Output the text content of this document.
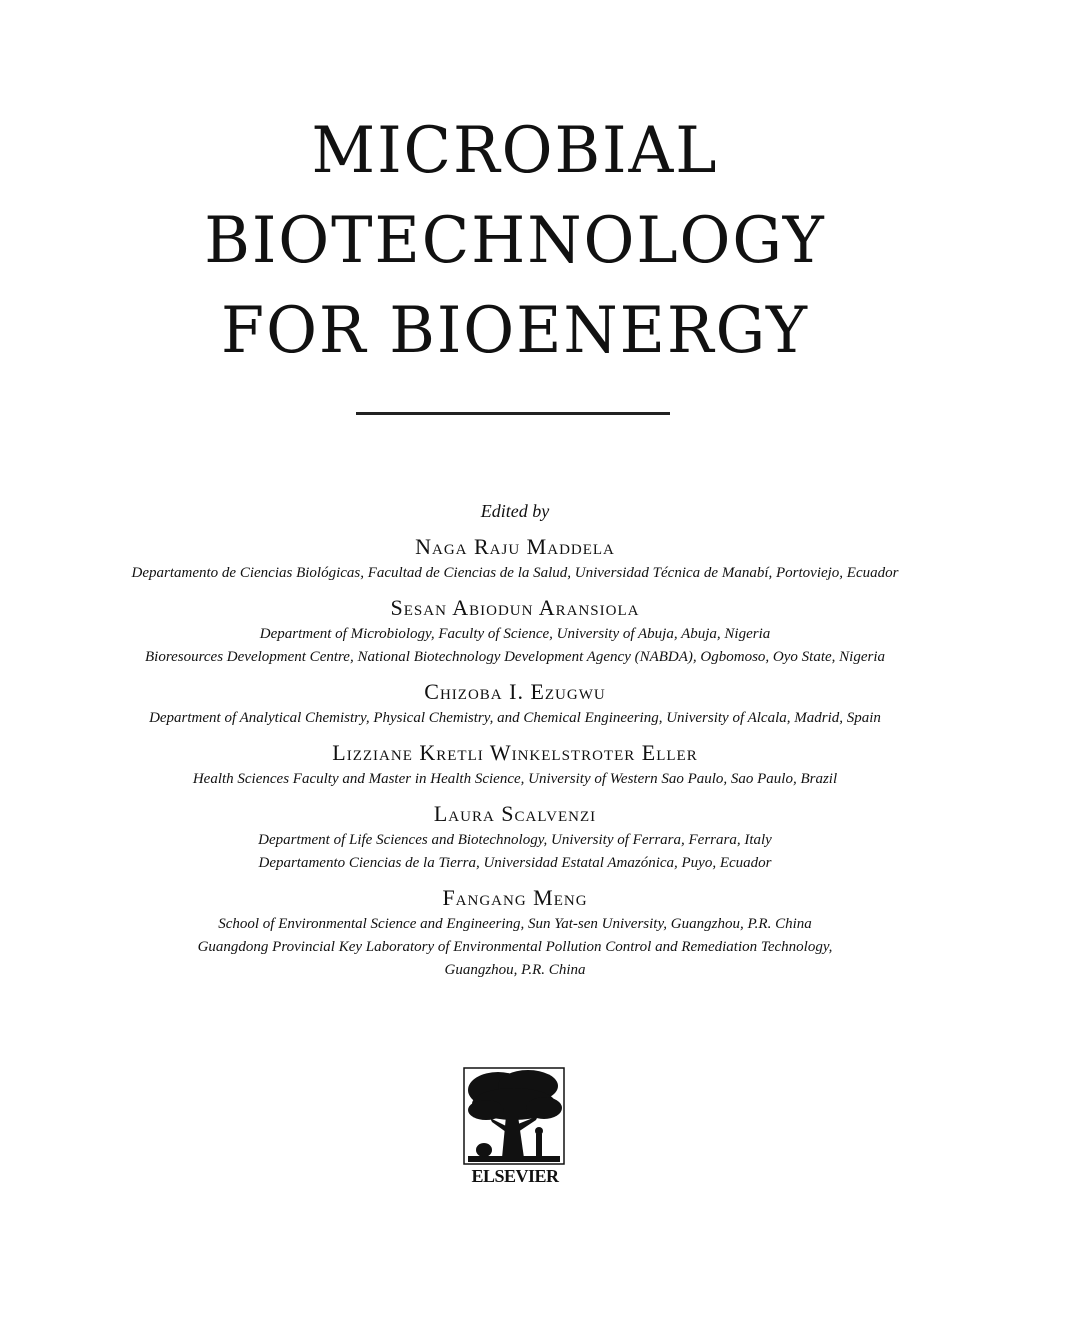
MICROBIAL
BIOTECHNOLOGY
FOR BIOENERGY
Edited by
Naga Raju Maddela
Departamento de Ciencias Biológicas, Facultad de Ciencias de la Salud, Universidad Técnica de Manabí, Portoviejo, Ecuador
Sesan Abiodun Aransiola
Department of Microbiology, Faculty of Science, University of Abuja, Abuja, Nigeria
Bioresources Development Centre, National Biotechnology Development Agency (NABDA), Ogbomoso, Oyo State, Nigeria
Chizoba I. Ezugwu
Department of Analytical Chemistry, Physical Chemistry, and Chemical Engineering, University of Alcala, Madrid, Spain
Lizziane Kretli Winkelstroter Eller
Health Sciences Faculty and Master in Health Science, University of Western Sao Paulo, Sao Paulo, Brazil
Laura Scalvenzi
Department of Life Sciences and Biotechnology, University of Ferrara, Ferrara, Italy
Departamento Ciencias de la Tierra, Universidad Estatal Amazónica, Puyo, Ecuador
Fangang Meng
School of Environmental Science and Engineering, Sun Yat-sen University, Guangzhou, P.R. China
Guangdong Provincial Key Laboratory of Environmental Pollution Control and Remediation Technology,
Guangzhou, P.R. China
ELSEVIER
